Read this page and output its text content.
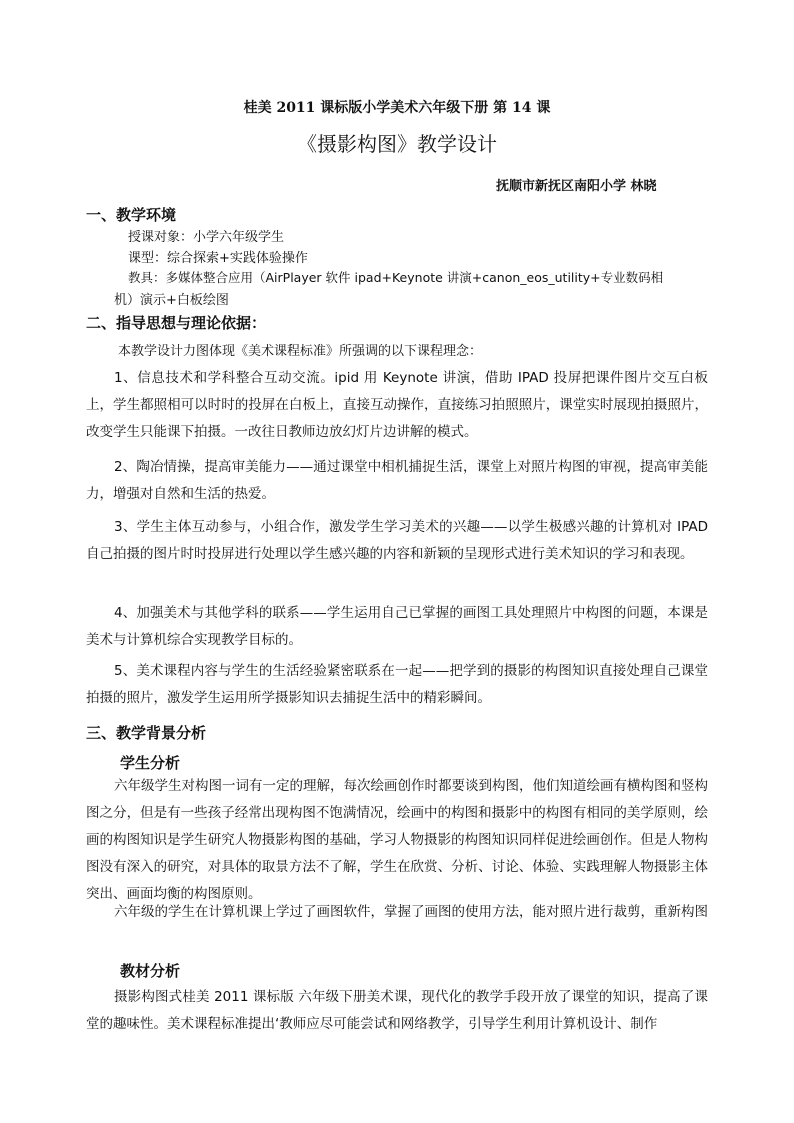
桂美 2011 课标版小学美术六年级下册 第 14 课
《摄影构图》教学设计
抚顺市新抚区南阳小学 林晓
一、教学环境
授课对象：小学六年级学生
课型：综合探索+实践体验操作
教具：多媒体整合应用（AirPlayer 软件 ipad+Keynote 讲演+canon_eos_utility+专业数码相
机）演示+白板绘图
二、指导思想与理论依据：
本教学设计力图体现《美术课程标准》所强调的以下课程理念：
1、信息技术和学科整合互动交流。ipid 用 Keynote 讲演，借助 IPAD 投屏把课件图片交互白板上，学生都照相可以时时的投屏在白板上，直接互动操作，直接练习拍照照片，课堂实时展现拍摄照片，改变学生只能课下拍摄。一改往日教师边放幻灯片边讲解的模式。
2、陶冶情操，提高审美能力——通过课堂中相机捕捉生活，课堂上对照片构图的审视，提高审美能力，增强对自然和生活的热爱。
3、学生主体互动参与，小组合作，激发学生学习美术的兴趣——以学生极感兴趣的计算机对 IPAD 自己拍摄的图片时时投屏进行处理以学生感兴趣的内容和新颖的呈现形式进行美术知识的学习和表现。
4、加强美术与其他学科的联系——学生运用自己已掌握的画图工具处理照片中构图的问题，本课是美术与计算机综合实现教学目标的。
5、美术课程内容与学生的生活经验紧密联系在一起——把学到的摄影的构图知识直接处理自己课堂拍摄的照片，激发学生运用所学摄影知识去捕捉生活中的精彩瞬间。
三、教学背景分析
学生分析
六年级学生对构图一词有一定的理解，每次绘画创作时都要谈到构图，他们知道绘画有横构图和竖构图之分，但是有一些孩子经常出现构图不饱满情况，绘画中的构图和摄影中的构图有相同的美学原则，绘画的构图知识是学生研究人物摄影构图的基础，学习人物摄影的构图知识同样促进绘画创作。但是人物构图没有深入的研究，对具体的取景方法不了解，学生在欣赏、分析、讨论、体验、实践理解人物摄影主体突出、画面均衡的构图原则。
六年级的学生在计算机课上学过了画图软件，掌握了画图的使用方法，能对照片进行裁剪，重新构图
教材分析
摄影构图式桂美 2011 课标版 六年级下册美术课，现代化的教学手段开放了课堂的知识，提高了课堂的趣味性。美术课程标准提出‘教师应尽可能尝试和网络教学，引导学生利用计算机设计、制作
